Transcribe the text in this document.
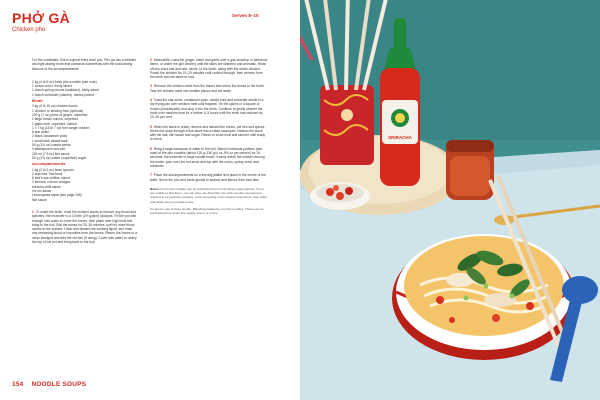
PHỞ GÀ
Chicken pho
Serves 8–10

For the uninitiated, this is a great entry-level pho. Pho ga has a delicate and light-tasting broth that contrasts wonderfully with the bold-tasting flavours of the accompaniments.

2 kg (4 lb 6 oz) fresh pho noodles (see note)
1 brown onion, thinly sliced
1 bunch spring onions (scallions), thinly sliced
1 bunch coriander (cilantro), leaves picked
Broth
3 kg (6 lb 10 oz) chicken bones
1 chicken or stewing fowl (optional)
200 g (7 oz) piece of ginger, unpeeled
2 large brown onions, unpeeled
1 garlic bulb, unpeeled, halved
1 × 7 kg (15 lb 7 oz) free-range chicken
6 star anise
2 black cardamom pods
1 small stick cassia bark
50 g (1¾ oz) cassia seeds
3 tablespoons sea salt
200 ml (7 fl oz) fish sauce
50 g (1¾ oz) caster (superfine) sugar
Accompaniments
1 kg (2 lb 3 oz) bean sprouts
2 bunches Thai basil
6 bird's eye chillies, sliced
3 lemons, cut into wedges
sriracha chilli sauce
hoi sin sauce
Lemongrass salsa (see page 206)
fish sauce

1 To make the broth, rinse the chicken bones to remove any blood and splinters, then transfer to a 10 litre (2½ gallon) stockpot. Fill the pot with enough cold water to cover the bones, then place over high heat and bring to the boil. Boil the bones for 20–30 minutes, until no more blood comes to the surface. Drain and discard the cooking liquid, and rinse any remaining blood or impurities from the bones. Return the bones to a clean stockpot and add the old hen (if using). Cover with water to nearly the top of the pot and bring back to the boil.

2 Meanwhile, roast the ginger, onion and garlic over a gas stovetop or barbecue flame, or under the grill (broiler) until the skins are blistered and aromatic. Rinse off any burnt bits and add, whole, to the broth, along with the whole chicken. Poach the chicken for 15–20 minutes until cooked through, then remove from the broth and set aside to cool.

3 Remove the chicken meat from the bones and return the bones to the broth. Tear the chicken meat into smaller pieces and set aside.

4 Toast the star anise, cardamom pods, cassia bark and coriander seeds in a dry frying pan over medium heat until fragrant. Tie the spices in a square of muslin (cheesecloth) and drop it into the broth. Continue to gently simmer the broth over medium heat for a further 4–5 hours until the broth has reduced by 20–30 per cent.

5 When the stock is ready, remove and discard the bones, old hen and spices. Strain the stock through a fine sieve into a clean saucepan. Season the stock with the salt, fish sauce and sugar. Return to a low heat and simmer until ready to serve.

6 Bring a large saucepan of water to the boil. Blanch individual portions (see note) of the pho noodles (about 120 g–150 g/4 oz–5½ oz per person) for 10 seconds, then transfer to large noodle bowls. Evenly divide the chicken among the bowls, pour over the hot stock and top with the onion, spring onion and coriander.

7 Place the accompaniments on a serving platter and place in the centre of the table. Serve the pho and invite guests to season and flavour their own dish.

Notes: Fresh pho noodles can be purchased from most Asian supermarkets. If you are unable to find them, you can also use dried thin rice stick noodles (sometimes referred to as pad thai noodles). Cook according to the packet instructions, then drain and divide among noodle bowls.

It's best to use or thaw noodle. Blanching loaded to cool the noodles. These can be purchased from Asian fine supply stores or online.

154 NOODLE SOUPS
SRIRACHA
